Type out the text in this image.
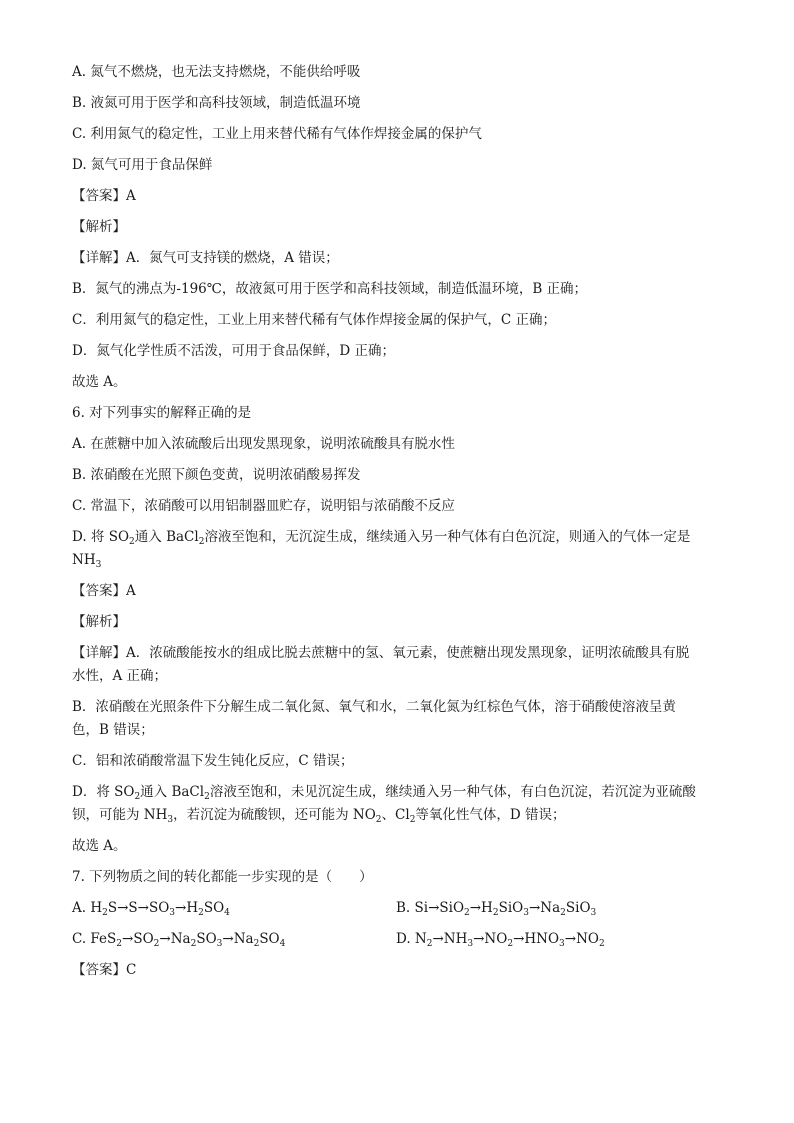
A. 氮气不燃烧，也无法支持燃烧，不能供给呼吸

B. 液氮可用于医学和高科技领域，制造低温环境

C. 利用氮气的稳定性，工业上用来替代稀有气体作焊接金属的保护气

D. 氮气可用于食品保鲜

【答案】A

【解析】

【详解】A．氮气可支持镁的燃烧，A 错误；

B．氮气的沸点为-196℃，故液氮可用于医学和高科技领域，制造低温环境，B 正确；

C．利用氮气的稳定性，工业上用来替代稀有气体作焊接金属的保护气，C 正确；

D．氮气化学性质不活泼，可用于食品保鲜，D 正确；

故选 A。

6. 对下列事实的解释正确的是

A. 在蔗糖中加入浓硫酸后出现发黑现象，说明浓硫酸具有脱水性

B. 浓硝酸在光照下颜色变黄，说明浓硝酸易挥发

C. 常温下，浓硝酸可以用铝制器皿贮存，说明铝与浓硝酸不反应

D. 将 $SO_2$通入 BaCl$_2$溶液至饱和，无沉淀生成，继续通入另一种气体有白色沉淀，则通入的气体一定是

$NH_3$

【答案】A

【解析】

【详解】A．浓硫酸能按水的组成比脱去蔗糖中的氢、氧元素，使蔗糖出现发黑现象，证明浓硫酸具有脱

水性，A 正确；

B．浓硝酸在光照条件下分解生成二氧化氮、氧气和水，二氧化氮为红棕色气体，溶于硝酸使溶液呈黄

色，B 错误；

C．铝和浓硝酸常温下发生钝化反应，C 错误；

D．将 $SO_2$通入 BaCl$_2$溶液至饱和，未见沉淀生成，继续通入另一种气体，有白色沉淀，若沉淀为亚硫酸

钡，可能为 $NH_3$，若沉淀为硫酸钡，还可能为 $NO_2$、$Cl_2$等氧化性气体，D 错误；

故选 A。

7. 下列物质之间的转化都能一步实现的是（　　）

A. $H_2S\to S\to SO_3\to H_2SO_4$	B. $Si\to SiO_2\to H_2SiO_3\to Na_2SiO_3$
C. $FeS_2\to SO_2\to Na_2SO_3\to Na_2SO_4$	D. $N_2\to NH_3\to NO_2\to HNO_3\to NO_2$

【答案】C
